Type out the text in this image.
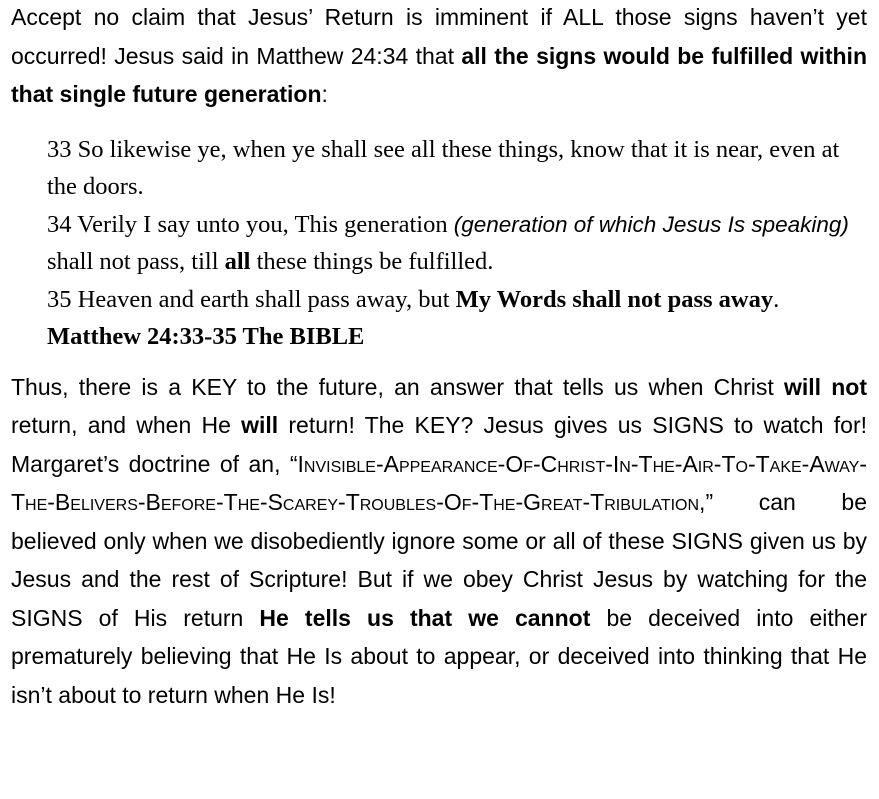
Accept no claim that Jesus’ Return is imminent if ALL those signs haven’t yet occurred! Jesus said in Matthew 24:34 that all the signs would be fulfilled within that single future generation:

33 So likewise ye, when ye shall see all these things, know that it is near, even at the doors.
34 Verily I say unto you, This generation (generation of which Jesus Is speaking) shall not pass, till all these things be fulfilled.
35 Heaven and earth shall pass away, but My Words shall not pass away.
Matthew 24:33-35 The BIBLE

Thus, there is a KEY to the future, an answer that tells us when Christ will not return, and when He will return! The KEY? Jesus gives us SIGNS to watch for! Margaret’s doctrine of an, “Invisible-Appearance-Of-Christ-In-The-Air-To-Take-Away-The-Belivers-Before-The-Scarey-Troubles-Of-The-Great-Tribulation,” can be believed only when we disobediently ignore some or all of these SIGNS given us by Jesus and the rest of Scripture! But if we obey Christ Jesus by watching for the SIGNS of His return He tells us that we cannot be deceived into either prematurely believing that He Is about to appear, or deceived into thinking that He isn’t about to return when He Is!
